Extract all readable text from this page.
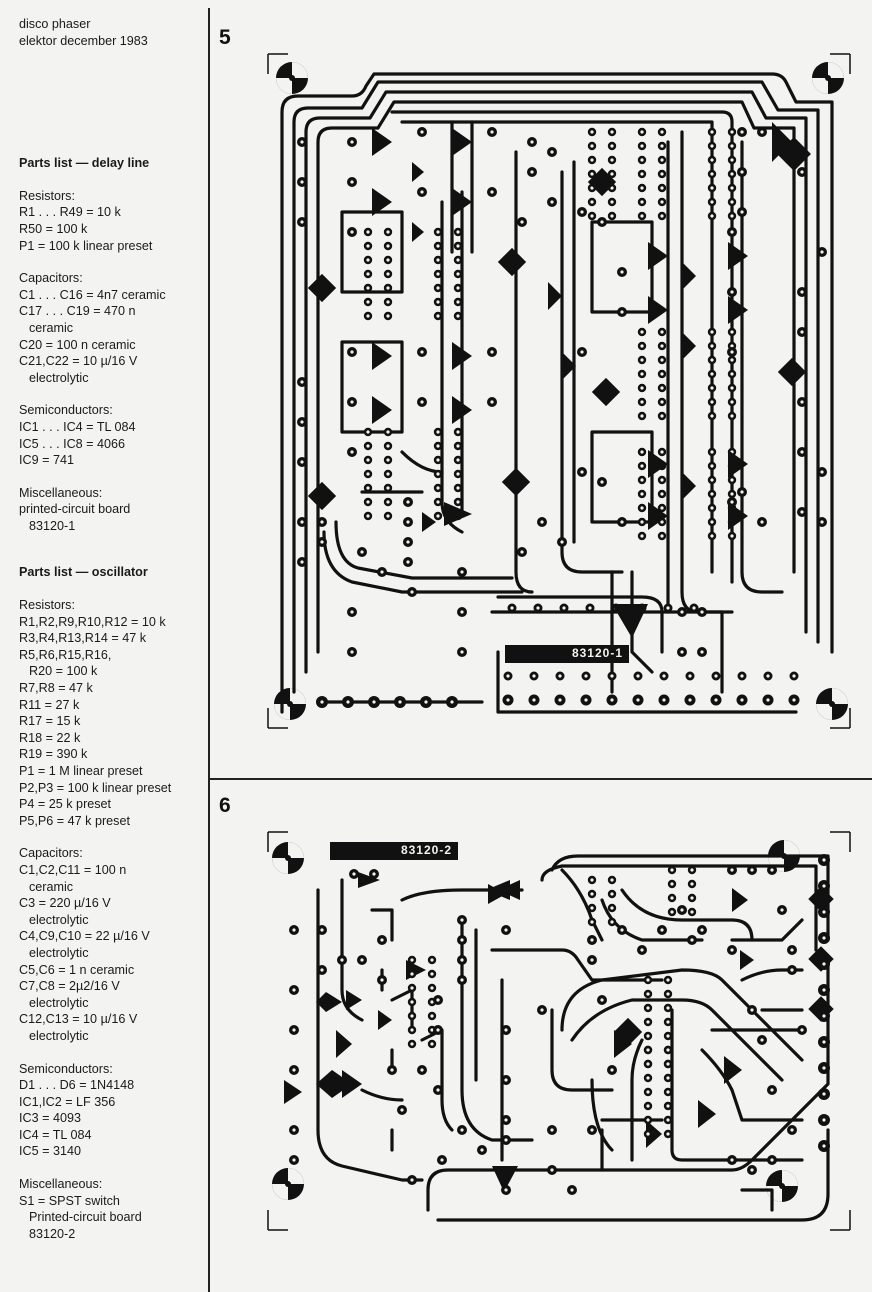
disco phaser
elektor december 1983
Parts list — delay line
Resistors:
R1 . . . R49 = 10 k
R50 = 100 k
P1 = 100 k linear preset
Capacitors:
C1 . . . C16 = 4n7 ceramic
C17 . . . C19 = 470 n
ceramic
C20 = 100 n ceramic
C21,C22 = 10 µ/16 V
electrolytic
Semiconductors:
IC1 . . . IC4 = TL 084
IC5 . . . IC8 = 4066
IC9 = 741
Miscellaneous:
printed-circuit board
83120-1
Parts list — oscillator
Resistors:
R1,R2,R9,R10,R12 = 10 k
R3,R4,R13,R14 = 47 k
R5,R6,R15,R16,
R20 = 100 k
R7,R8 = 47 k
R11 = 27 k
R17 = 15 k
R18 = 22 k
R19 = 390 k
P1 = 1 M linear preset
P2,P3 = 100 k linear preset
P4 = 25 k preset
P5,P6 = 47 k preset
Capacitors:
C1,C2,C11 = 100 n
ceramic
C3 = 220 µ/16 V
electrolytic
C4,C9,C10 = 22 µ/16 V
electrolytic
C5,C6 = 1 n ceramic
C7,C8 = 2µ2/16 V
electrolytic
C12,C13 = 10 µ/16 V
electrolytic
Semiconductors:
D1 . . . D6 = 1N4148
IC1,IC2 = LF 356
IC3 = 4093
IC4 = TL 084
IC5 = 3140
Miscellaneous:
S1 = SPST switch
Printed-circuit board
83120-2
5
6
83120-1
83120-2
